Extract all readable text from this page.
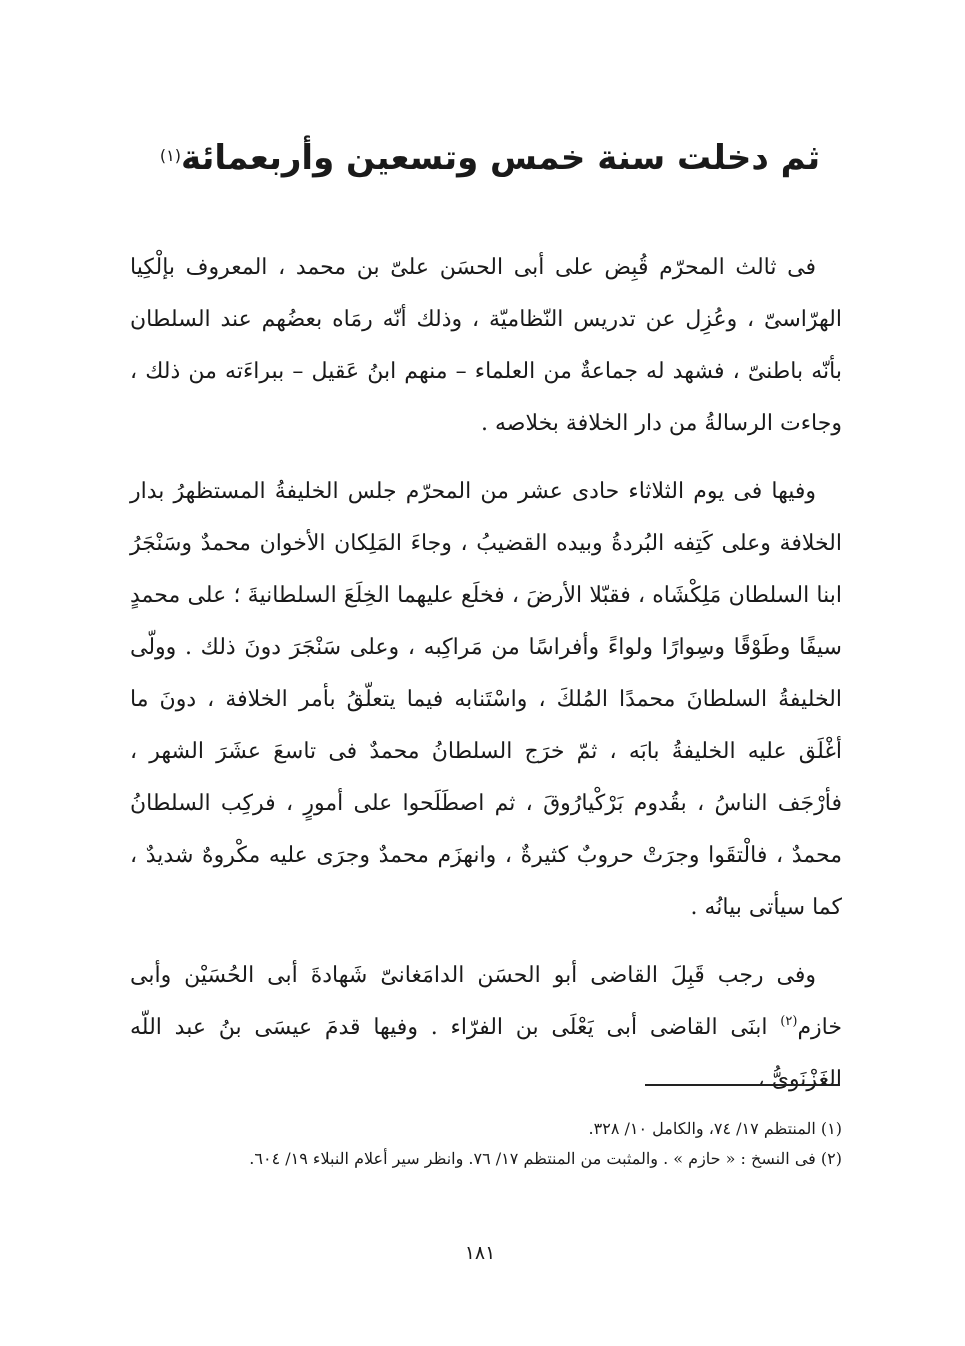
ثم دخلت سنة خمس وتسعين وأربعمائة$^{(١)}$

فى ثالث المحرّم قُبِض على أبى الحسَن علىّ بن محمد ، المعروف بإلْكِيا الهرّاسىّ ، وعُزِل عن تدريس النّظاميّة ، وذلك أنّه رمَاه بعضُهم عند السلطان بأنّه باطنىّ ، فشهد له جماعةٌ من العلماء – منهم ابنُ عَقيل – ببراءَته من ذلك ، وجاءت الرسالةُ من دار الخلافة بخلاصه .

وفيها فى يوم الثلاثاء حادى عشر من المحرّم جلس الخليفةُ المستظهرُ بدار الخلافة وعلى كَتِفه البُردةُ وبيده القضيبُ ، وجاءَ المَلِكان الأخوان محمدٌ وسَنْجَرُ ابنا السلطان مَلِكْشَاه ، فقبّلا الأرضَ ، فخلَع عليهما الخِلَعَ السلطانيةَ ؛ على محمدٍ سيفًا وطَوْقًا وسِوارًا ولواءً وأفراسًا من مَراكِبه ، وعلى سَنْجَرَ دونَ ذلك . وولّى الخليفةُ السلطانَ محمدًا المُلكَ ، واسْتَنابه فيما يتعلّقُ بأمر الخلافة ، دونَ ما أغْلَق عليه الخليفةُ بابَه ، ثمّ خرَج السلطانُ محمدٌ فى تاسعَ عشَرَ الشهر ، فأرْجَف الناسُ ، بقُدوم بَرْكْيارُوقَ ، ثم اصطَلَحوا على أمورٍ ، فركِب السلطانُ محمدٌ ، فالْتقَوا وجرَتْ حروبٌ كثيرةٌ ، وانهزَم محمدٌ وجرَى عليه مكْروهٌ شديدٌ ، كما سيأتى بيانُه .

وفى رجب قَبِلَ القاضى أبو الحسَن الدامَغانىّ شَهادةَ أبى الحُسَيْن وأبى خازم$^{(٢)}$ ابنَى القاضى أبى يَعْلَى بن الفرّاء . وفيها قدمَ عيسَى بنُ عبد اللّه الغَزْنَوىُّ ،

(١) المنتظم ١٧/ ٧٤، والكامل ١٠/ ٣٢٨.

(٢) فى النسخ : « حازم » . والمثبت من المنتظم ١٧/ ٧٦. وانظر سير أعلام النبلاء ١٩/ ٦٠٤.

١٨١
